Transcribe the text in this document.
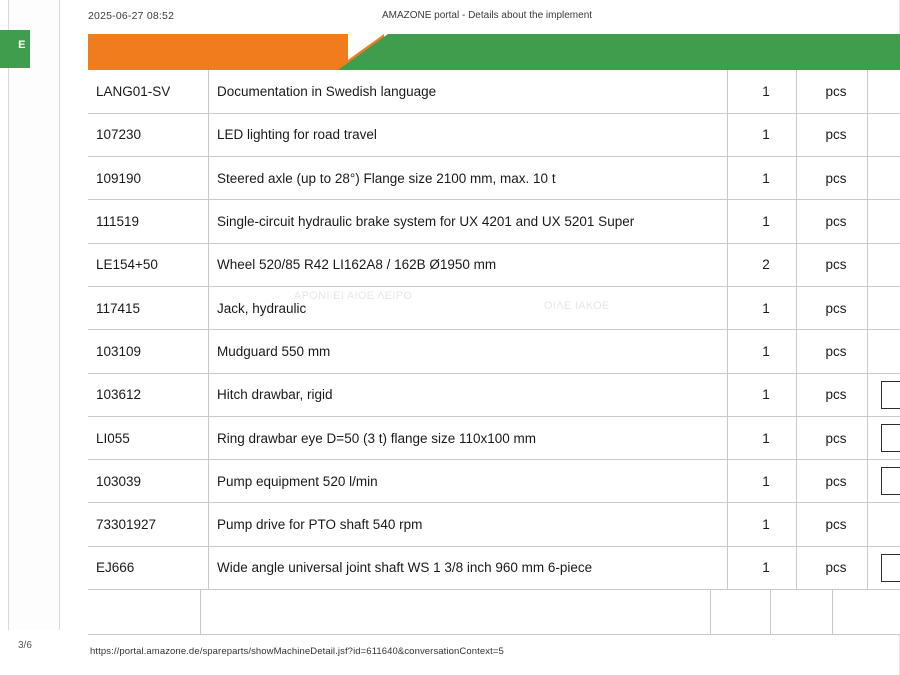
E
3/6
2025-06-27 08:52	AMAZONE portal - Details about the implement
LANG01-SV	Documentation in Swedish language	1	pcs	
107230	LED lighting for road travel	1	pcs	
109190	Steered axle (up to 28°) Flange size 2100 mm, max. 10 t	1	pcs	
111519	Single-circuit hydraulic brake system for UX 4201 and UX 5201 Super	1	pcs	
LE154+50	Wheel 520/85 R42 LI162A8 / 162B Ø1950 mm	2	pcs	
117415	Jack, hydraulic	1	pcs	
103109	Mudguard 550 mm	1	pcs	
103612	Hitch drawbar, rigid	1	pcs	
LI055	Ring drawbar eye D=50 (3 t) flange size 110x100 mm	1	pcs	
103039	Pump equipment 520 l/min	1	pcs	
73301927	Pump drive for PTO shaft 540 rpm	1	pcs	
EJ666	Wide angle universal joint shaft WS 1 3/8 inch 960 mm 6-piece	1	pcs	
https://portal.amazone.de/spareparts/showMachineDetail.jsf?id=611640&conversationContext=5
